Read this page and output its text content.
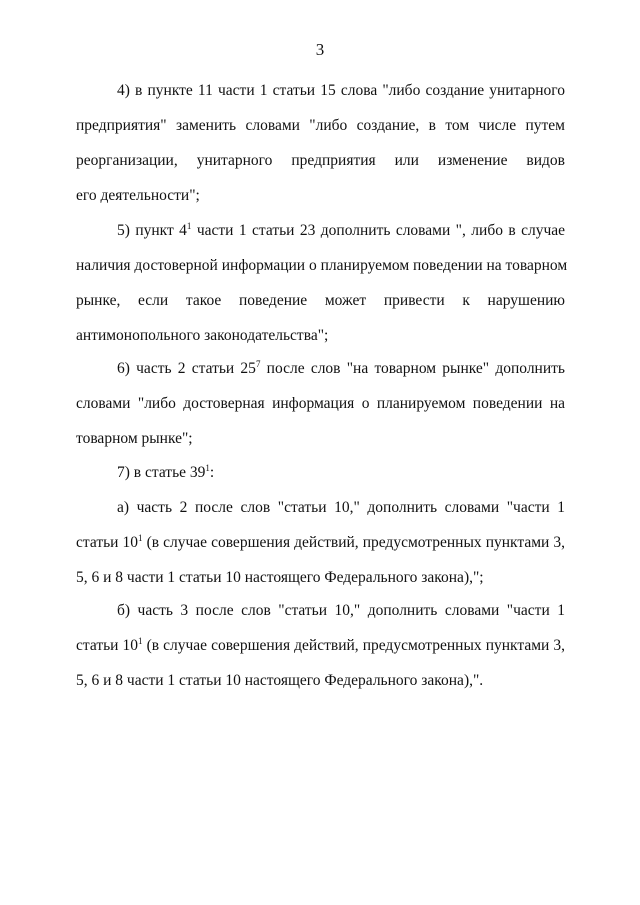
3
4) в пункте 11 части 1 статьи 15 слова "либо создание унитарного
предприятия" заменить словами "либо создание, в том числе путем
реорганизации, унитарного предприятия или изменение видов
его деятельности";
5) пункт $4^1$ части 1 статьи 23 дополнить словами ", либо в случае
наличия достоверной информации о планируемом поведении на товарном
рынке, если такое поведение может привести к нарушению
антимонопольного законодательства";
6) часть 2 статьи $25^7$ после слов "на товарном рынке" дополнить
словами "либо достоверная информация о планируемом поведении на
товарном рынке";
7) в статье $39^1$:
а) часть 2 после слов "статьи 10," дополнить словами "части 1
статьи $10^1$ (в случае совершения действий, предусмотренных пунктами 3,
5, 6 и 8 части 1 статьи 10 настоящего Федерального закона),";
б) часть 3 после слов "статьи 10," дополнить словами "части 1
статьи $10^1$ (в случае совершения действий, предусмотренных пунктами 3,
5, 6 и 8 части 1 статьи 10 настоящего Федерального закона),".
